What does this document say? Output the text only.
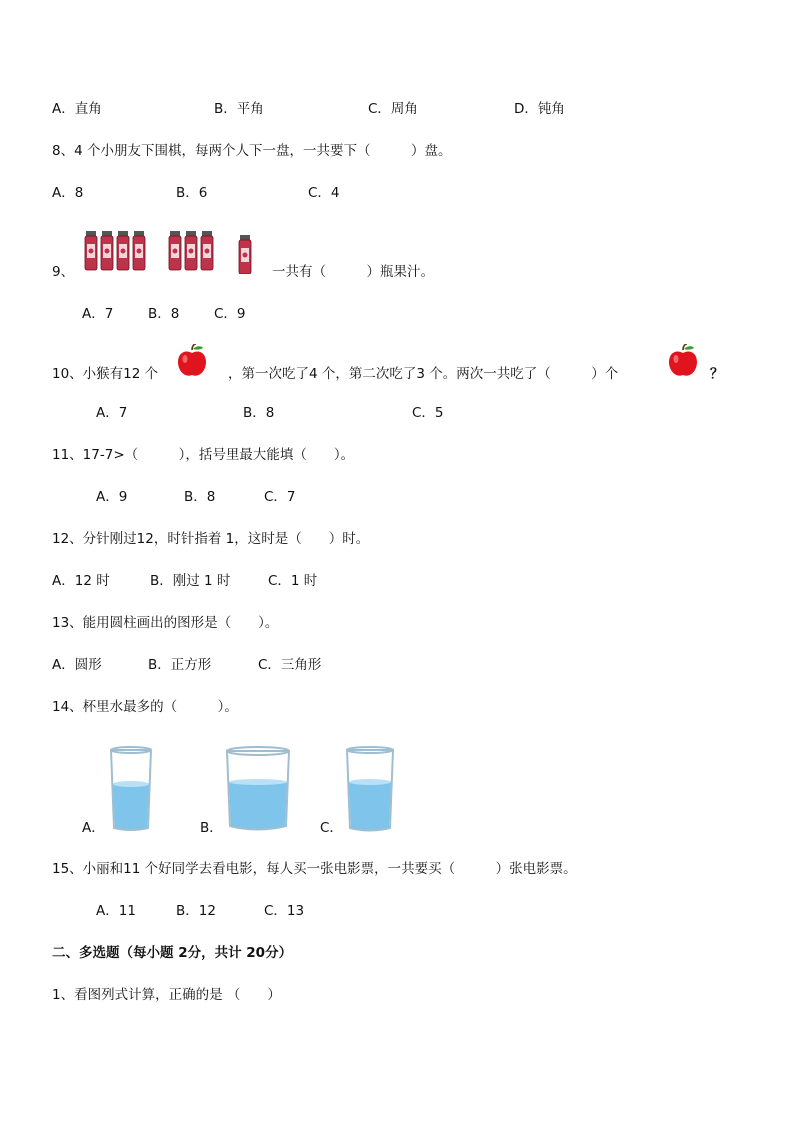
A．直角	B．平角	C．周角	D．钝角
8、4 个小朋友下围棋，每两个人下一盘，一共要下（　　　）盘。
A．8	B．6	C．4
9、	一共有（　　　）瓶果汁。
A．7	B．8	C．9
10、小猴有12 个	，第一次吃了4 个，第二次吃了3 个。两次一共吃了（　　　）个	？
A．7	B．8	C．5
11、17-7>（　　　），括号里最大能填（　　）。
A．9	B．8	C．7
12、分针刚过12，时针指着 1，这时是（　　）时。
A．12 时	B．刚过 1 时	C．1 时
13、能用圆柱画出的图形是（　　）。
A．圆形	B．正方形	C．三角形
14、杯里水最多的（　　　）。
A．	B．	C．
15、小丽和11 个好同学去看电影，每人买一张电影票，一共要买（　　　）张电影票。
A．11	B．12	C．13
二、多选题（每小题 2分，共计 20分）
1、看图列式计算，正确的是 （　　）
